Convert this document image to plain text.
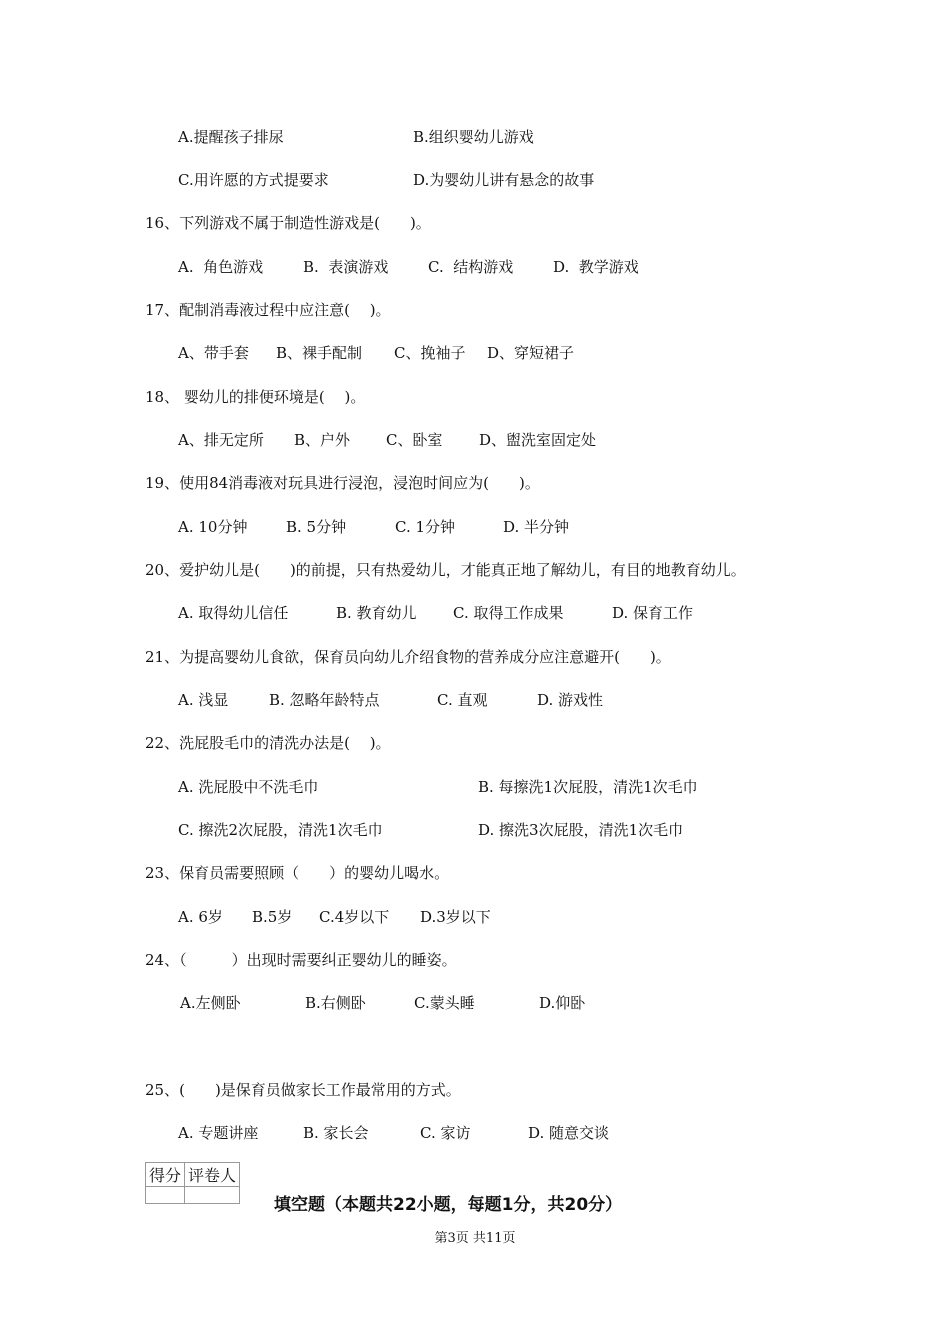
A.提醒孩子排尿	B.组织婴幼儿游戏
C.用许愿的方式提要求	D.为婴幼儿讲有悬念的故事
16、下列游戏不属于制造性游戏是(　　)。
A.  角色游戏	B.  表演游戏	C.  结构游戏	D.  教学游戏
17、配制消毒液过程中应注意(　 )。
A、带手套 B、裸手配制 C、挽袖子 D、穿短裙子
18、 婴幼儿的排便环境是(　 )。
A、排无定所 B、户外 C、卧室 D、盥洗室固定处
19、使用84消毒液对玩具进行浸泡，浸泡时间应为(　　)。
A. 10分钟	B. 5分钟	C. 1分钟	D. 半分钟
20、爱护幼儿是(　　)的前提，只有热爱幼儿，才能真正地了解幼儿，有目的地教育幼儿。
A. 取得幼儿信任	B. 教育幼儿 C. 取得工作成果	D. 保育工作
21、为提高婴幼儿食欲，保育员向幼儿介绍食物的营养成分应注意避开(　　)。
A. 浅显	B. 忽略年龄特点	C. 直观	D. 游戏性
22、洗屁股毛巾的清洗办法是(　 )。
A. 洗屁股中不洗毛巾	B. 每擦洗1次屁股，清洗1次毛巾
C. 擦洗2次屁股，清洗1次毛巾	D. 擦洗3次屁股，清洗1次毛巾
23、保育员需要照顾（　　）的婴幼儿喝水。
A. 6岁 B.5岁 C.4岁以下 D.3岁以下
24、（　　　）出现时需要纠正婴幼儿的睡姿。
A.左侧卧	B.右侧卧	C.蒙头睡	D.仰卧
25、(　　)是保育员做家长工作最常用的方式。
A. 专题讲座	B. 家长会	C. 家访	D. 随意交谈
得分	评卷人

填空题（本题共22小题，每题1分，共20分）
第3页 共11页
